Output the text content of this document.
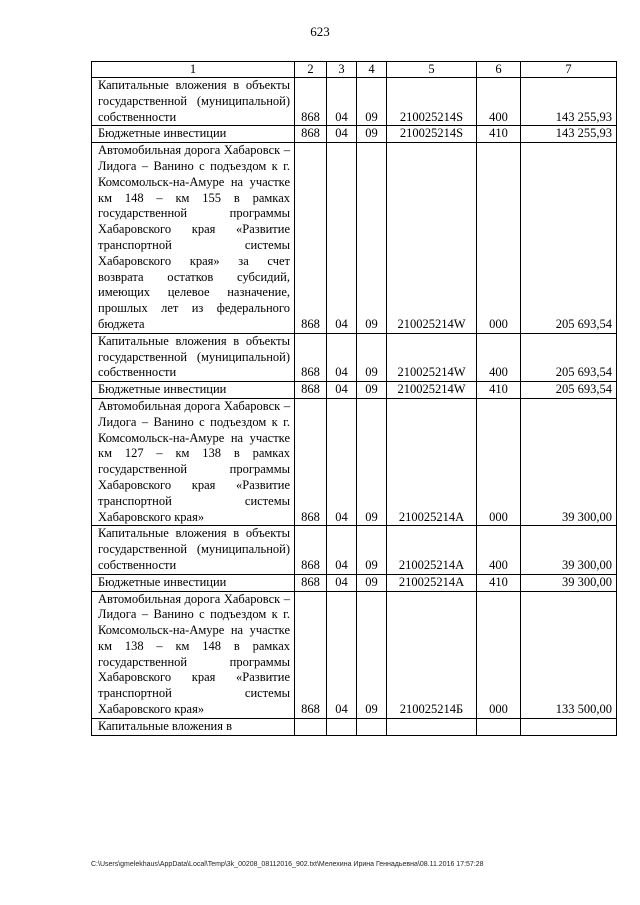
623
1	2	3	4	5	6	7
Капитальные вложения в объекты государственной (муниципальной) собственности	868	04	09	210025214S	400	143 255,93
Бюджетные инвестиции	868	04	09	210025214S	410	143 255,93
Автомобильная дорога Хабаровск – Лидога – Ванино с подъездом к г. Комсомольск-на-Амуре на участке км 148 – км 155 в рамках государственной программы Хабаровского края «Развитие транспортной системы Хабаровского края» за счет возврата остатков субсидий, имеющих целевое назначение, прошлых лет из федерального бюджета	868	04	09	210025214W	000	205 693,54
Капитальные вложения в объекты государственной (муниципальной) собственности	868	04	09	210025214W	400	205 693,54
Бюджетные инвестиции	868	04	09	210025214W	410	205 693,54
Автомобильная дорога Хабаровск – Лидога – Ванино с подъездом к г. Комсомольск-на-Амуре на участке км 127 – км 138 в рамках государственной программы Хабаровского края «Развитие транспортной системы Хабаровского края»	868	04	09	210025214А	000	39 300,00
Капитальные вложения в объекты государственной (муниципальной) собственности	868	04	09	210025214А	400	39 300,00
Бюджетные инвестиции	868	04	09	210025214А	410	39 300,00
Автомобильная дорога Хабаровск – Лидога – Ванино с подъездом к г. Комсомольск-на-Амуре на участке км 138 – км 148 в рамках государственной программы Хабаровского края «Развитие транспортной системы Хабаровского края»	868	04	09	210025214Б	000	133 500,00
Капитальные вложения в						
C:\Users\gmelekhaus\AppData\Local\Temp\3k_00208_08112016_902.txt\Мелехина Ирина Геннадьевна\08.11.2016 17:57:28
